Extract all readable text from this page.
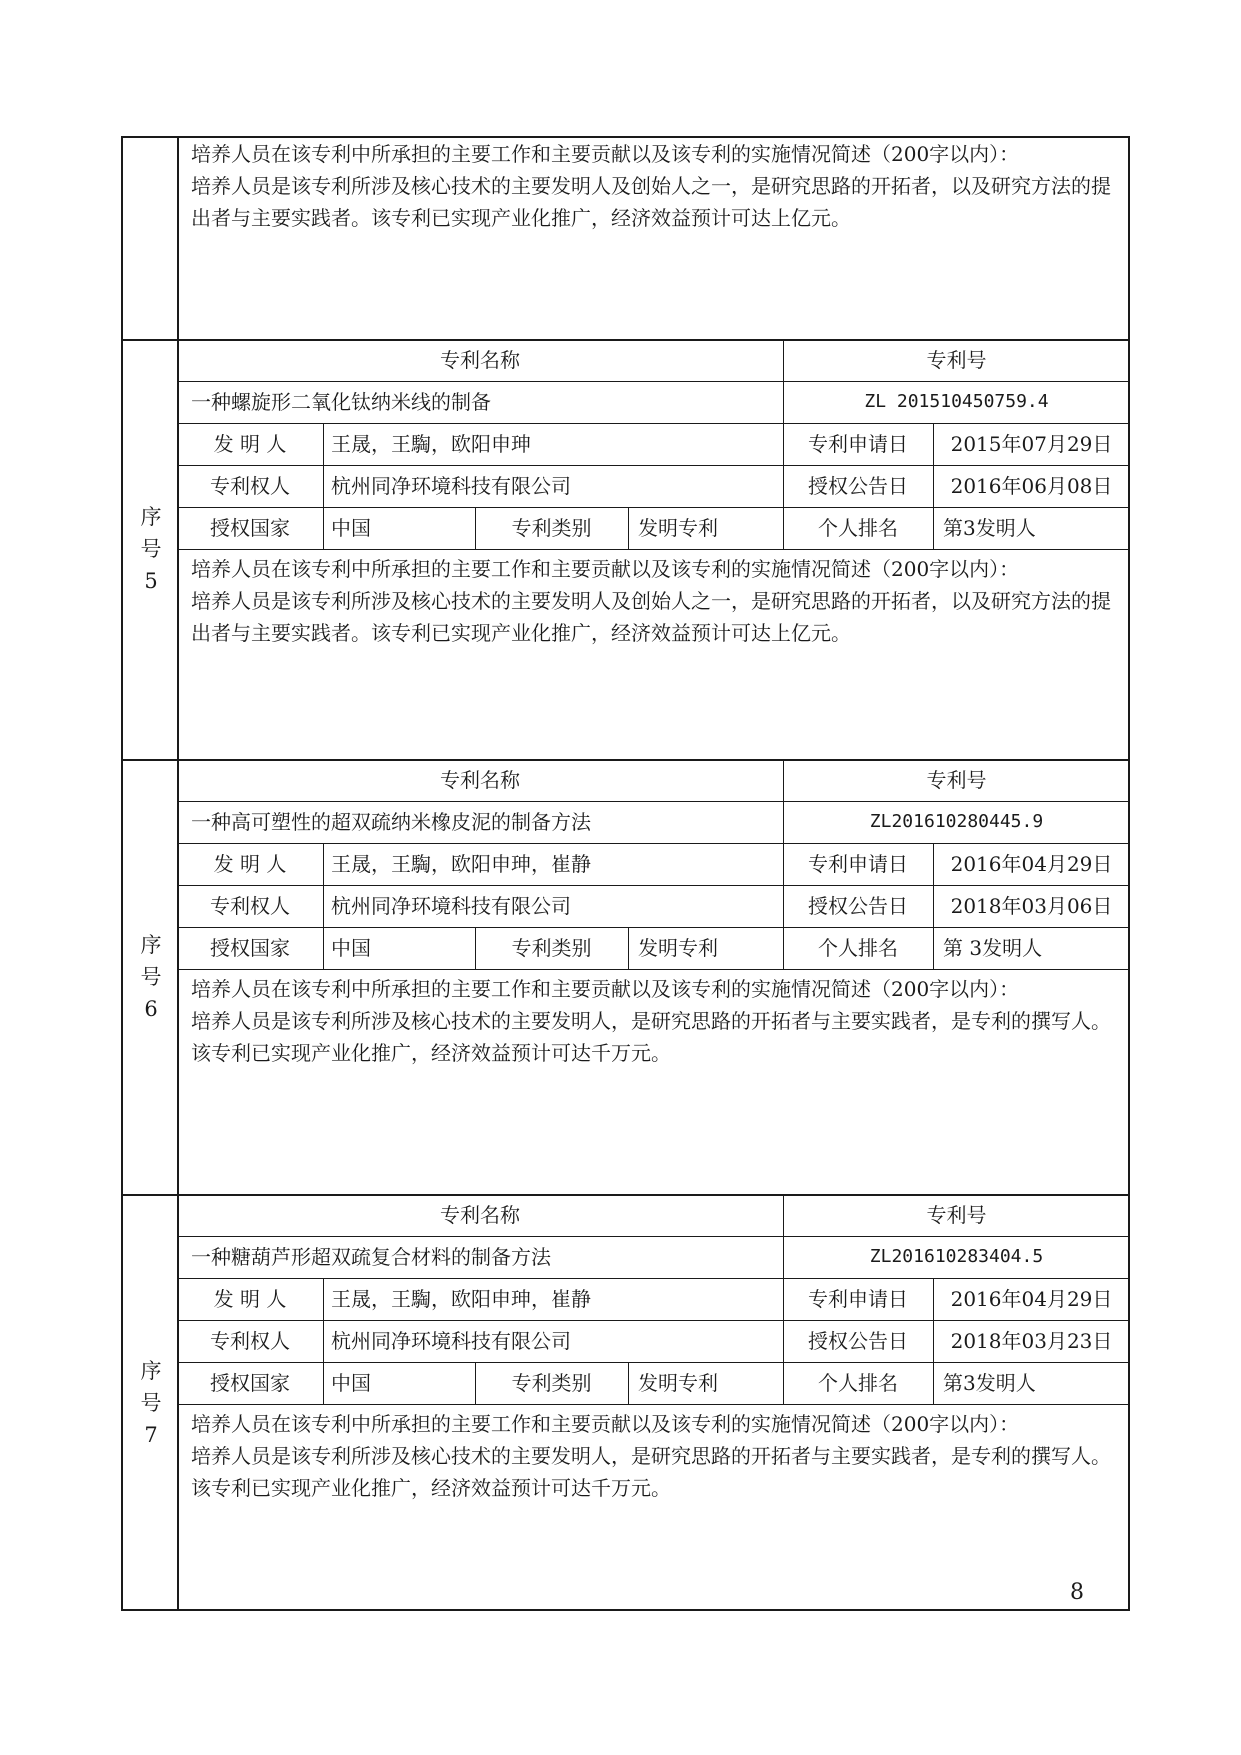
培养人员在该专利中所承担的主要工作和主要贡献以及该专利的实施情况简述（200字以内）：

培养人员是该专利所涉及核心技术的主要发明人及创始人之一，是研究思路的开拓者，以及研究方法的提出者与主要实践者。该专利已实现产业化推广，经济效益预计可达上亿元。

专利名称	专利号
一种螺旋形二氧化钛纳米线的制备	ZL 201510450759.4
发 明 人	王晟，王騊，欧阳申珅	专利申请日	2015年07月29日
专利权人	杭州同净环境科技有限公司	授权公告日	2016年06月08日
授权国家	中国	专利类别	发明专利	个人排名	第3发明人

培养人员在该专利中所承担的主要工作和主要贡献以及该专利的实施情况简述（200字以内）：

培养人员是该专利所涉及核心技术的主要发明人及创始人之一，是研究思路的开拓者，以及研究方法的提出者与主要实践者。该专利已实现产业化推广，经济效益预计可达上亿元。

序
号
5
专利名称	专利号
一种高可塑性的超双疏纳米橡皮泥的制备方法	ZL201610280445.9
发 明 人	王晟，王騊，欧阳申珅，崔静	专利申请日	2016年04月29日
专利权人	杭州同净环境科技有限公司	授权公告日	2018年03月06日
授权国家	中国	专利类别	发明专利	个人排名	第 3发明人

培养人员在该专利中所承担的主要工作和主要贡献以及该专利的实施情况简述（200字以内）：

培养人员是该专利所涉及核心技术的主要发明人，是研究思路的开拓者与主要实践者，是专利的撰写人。该专利已实现产业化推广，经济效益预计可达千万元。

序
号
6
专利名称	专利号
一种糖葫芦形超双疏复合材料的制备方法	ZL201610283404.5
发 明 人	王晟，王騊，欧阳申珅，崔静	专利申请日	2016年04月29日
专利权人	杭州同净环境科技有限公司	授权公告日	2018年03月23日
授权国家	中国	专利类别	发明专利	个人排名	第3发明人

培养人员在该专利中所承担的主要工作和主要贡献以及该专利的实施情况简述（200字以内）：

培养人员是该专利所涉及核心技术的主要发明人，是研究思路的开拓者与主要实践者，是专利的撰写人。该专利已实现产业化推广，经济效益预计可达千万元。

序
号
7
8
